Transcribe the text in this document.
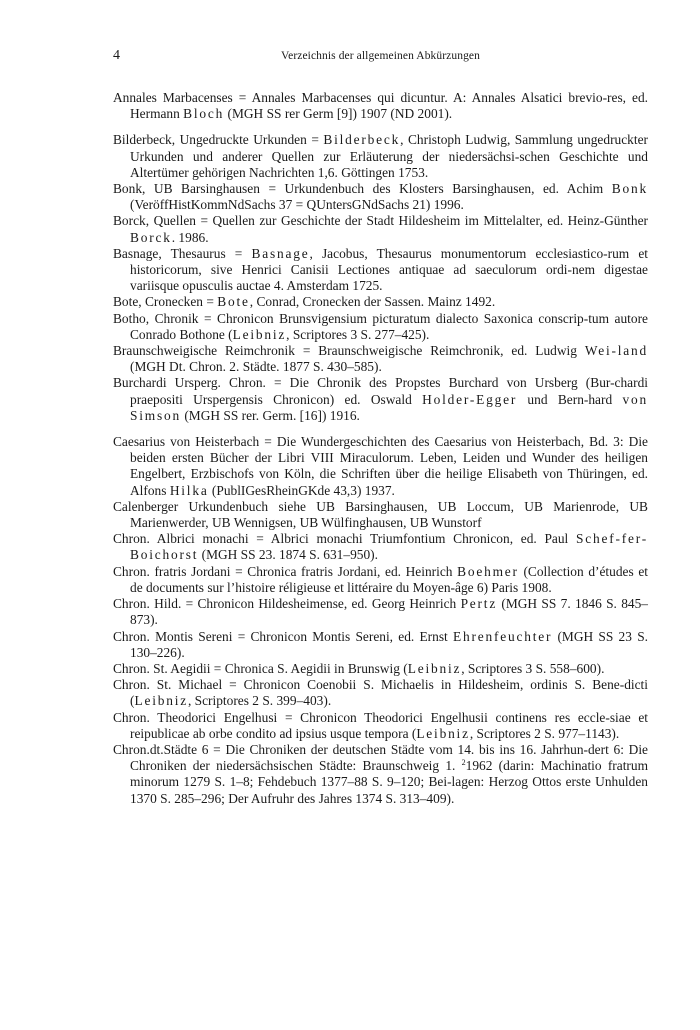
4	Verzeichnis der allgemeinen Abkürzungen

Annales Marbacenses = Annales Marbacenses qui dicuntur. A: Annales Alsatici brevio-res, ed. Hermann Bloch (MGH SS rer Germ [9]) 1907 (ND 2001).

Bilderbeck, Ungedruckte Urkunden = Bilderbeck, Christoph Ludwig, Sammlung ungedruckter Urkunden und anderer Quellen zur Erläuterung der niedersächsi-schen Geschichte und Altertümer gehörigen Nachrichten 1,6. Göttingen 1753.

Bonk, UB Barsinghausen = Urkundenbuch des Klosters Barsinghausen, ed. Achim Bonk (VeröffHistKommNdSachs 37 = QUntersGNdSachs 21) 1996.

Borck, Quellen = Quellen zur Geschichte der Stadt Hildesheim im Mittelalter, ed. Heinz-Günther Borck. 1986.

Basnage, Thesaurus = Basnage, Jacobus, Thesaurus monumentorum ecclesiastico-rum et historicorum, sive Henrici Canisii Lectiones antiquae ad saeculorum ordi-nem digestae variisque opusculis auctae 4. Amsterdam 1725.

Bote, Cronecken = Bote, Conrad, Cronecken der Sassen. Mainz 1492.

Botho, Chronik = Chronicon Brunsvigensium picturatum dialecto Saxonica conscrip-tum autore Conrado Bothone (Leibniz, Scriptores 3 S. 277–425).

Braunschweigische Reimchronik = Braunschweigische Reimchronik, ed. Ludwig Wei-land (MGH Dt. Chron. 2. Städte. 1877 S. 430–585).

Burchardi Ursperg. Chron. = Die Chronik des Propstes Burchard von Ursberg (Bur-chardi praepositi Urspergensis Chronicon) ed. Oswald Holder-Egger und Bern-hard von Simson (MGH SS rer. Germ. [16]) 1916.

Caesarius von Heisterbach = Die Wundergeschichten des Caesarius von Heisterbach, Bd. 3: Die beiden ersten Bücher der Libri VIII Miraculorum. Leben, Leiden und Wunder des heiligen Engelbert, Erzbischofs von Köln, die Schriften über die heilige Elisabeth von Thüringen, ed. Alfons Hilka (PublIGesRheinGKde 43,3) 1937.

Calenberger Urkundenbuch siehe UB Barsinghausen, UB Loccum, UB Marienrode, UB Marienwerder, UB Wennigsen, UB Wülfinghausen, UB Wunstorf

Chron. Albrici monachi = Albrici monachi Triumfontium Chronicon, ed. Paul Schef-fer-Boichorst (MGH SS 23. 1874 S. 631–950).

Chron. fratris Jordani = Chronica fratris Jordani, ed. Heinrich Boehmer (Collection d’études et de documents sur l’histoire réligieuse et littéraire du Moyen-âge 6) Paris 1908.

Chron. Hild. = Chronicon Hildesheimense, ed. Georg Heinrich Pertz (MGH SS 7. 1846 S. 845–873).

Chron. Montis Sereni = Chronicon Montis Sereni, ed. Ernst Ehrenfeuchter (MGH SS 23 S. 130–226).

Chron. St. Aegidii = Chronica S. Aegidii in Brunswig (Leibniz, Scriptores 3 S. 558–600).

Chron. St. Michael = Chronicon Coenobii S. Michaelis in Hildesheim, ordinis S. Bene-dicti (Leibniz, Scriptores 2 S. 399–403).

Chron. Theodorici Engelhusi = Chronicon Theodorici Engelhusii continens res eccle-siae et reipublicae ab orbe condito ad ipsius usque tempora (Leibniz, Scriptores 2 S. 977–1143).

Chron.dt.Städte 6 = Die Chroniken der deutschen Städte vom 14. bis ins 16. Jahrhun-dert 6: Die Chroniken der niedersächsischen Städte: Braunschweig 1. $^2$1962 (darin: Machinatio fratrum minorum 1279 S. 1–8; Fehdebuch 1377–88 S. 9–120; Bei-lagen: Herzog Ottos erste Unhulden 1370 S. 285–296; Der Aufruhr des Jahres 1374 S. 313–409).
